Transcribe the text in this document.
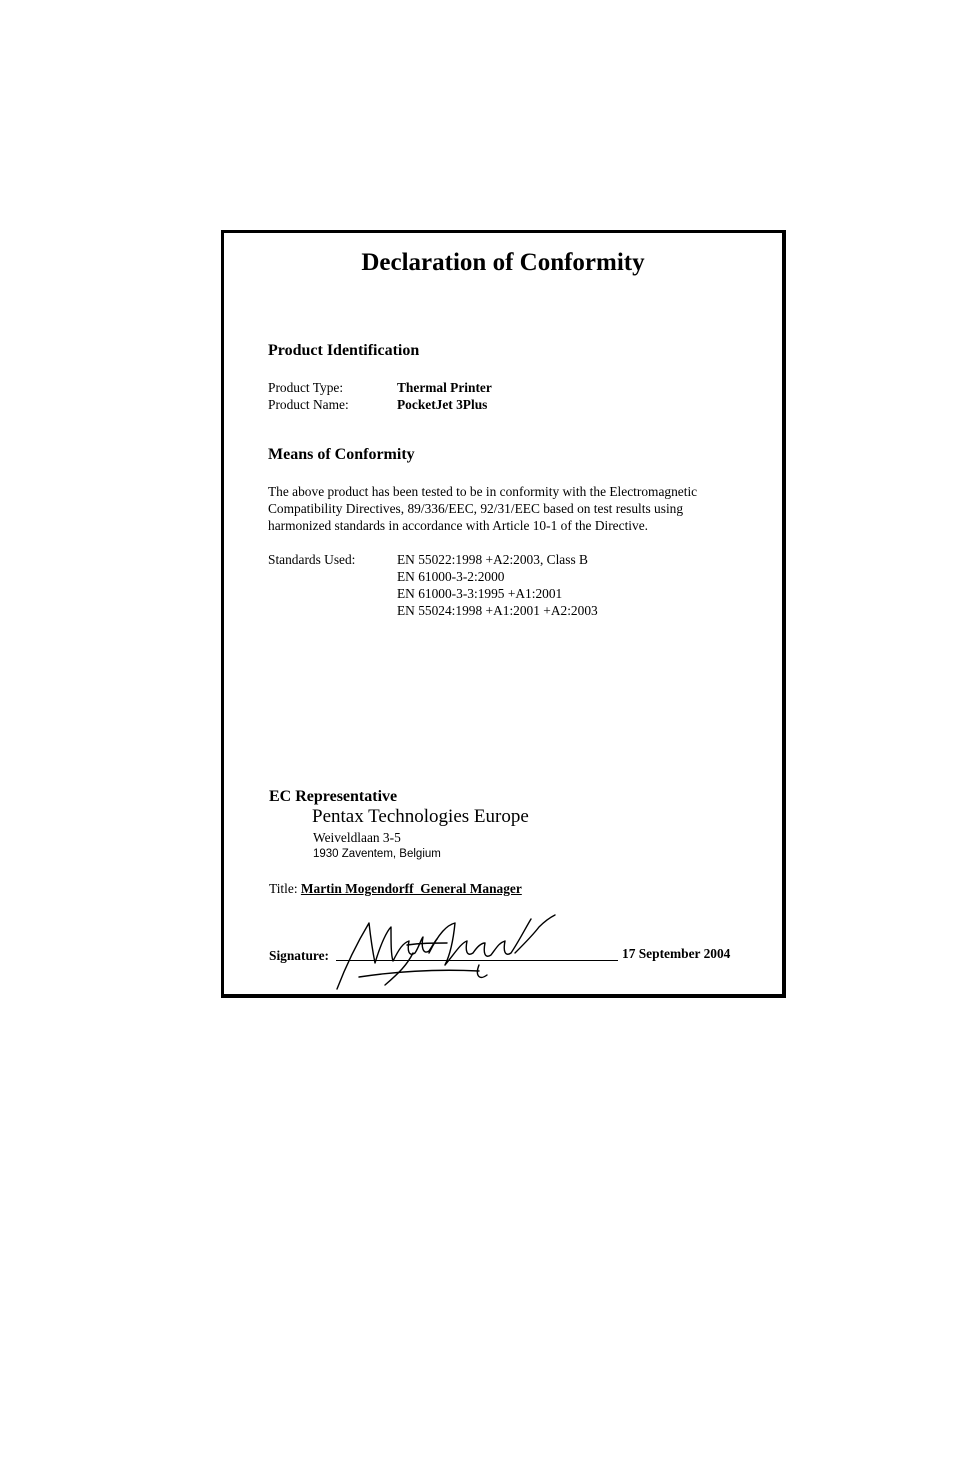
Declaration of Conformity
Product Identification
Product Type:	Thermal Printer
Product Name:	PocketJet 3Plus
Means of Conformity
The above product has been tested to be in conformity with the Electromagnetic
Compatibility Directives, 89/336/EEC, 92/31/EEC based on test results using
harmonized standards in accordance with Article 10-1 of the Directive.
Standards Used:	EN 55022:1998 +A2:2003, Class B
EN 61000-3-2:2000
EN 61000-3-3:1995 +A1:2001
EN 55024:1998 +A1:2001 +A2:2003
EC Representative
Pentax Technologies Europe
Weiveldlaan 3-5
1930 Zaventem, Belgium
Title: Martin Mogendorff  General Manager
Signature:	17 September 2004
